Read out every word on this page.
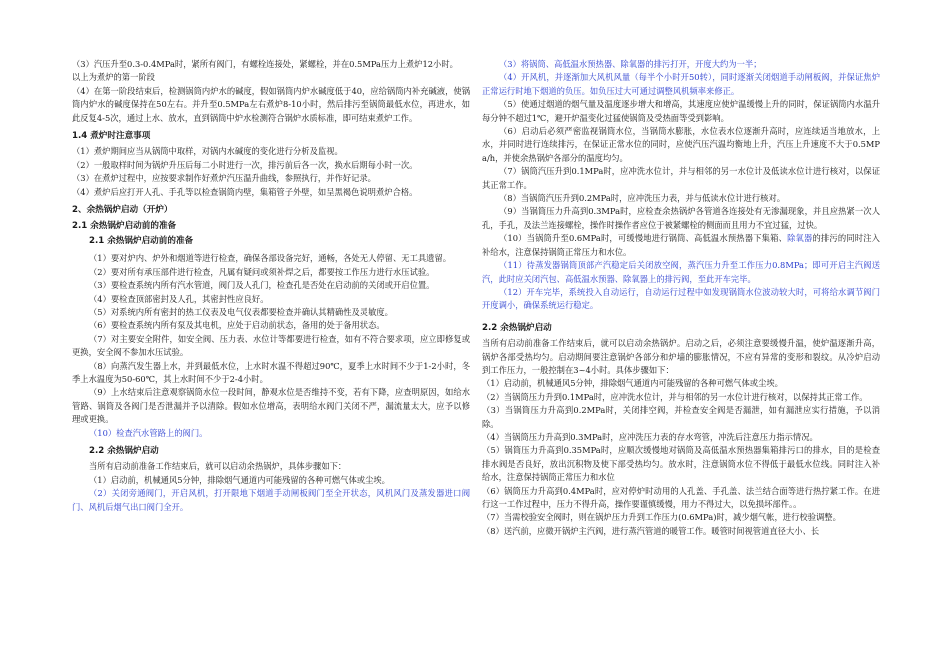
（3）汽压升至0.3-0.4MPa时，紧所有阀门，有螺栓连接处，紧螺栓，并在0.5MPa压力上煮炉12小时。

以上为煮炉的第一阶段

（4）在第一阶段结束后，检测锅筒内炉水的碱度，假如锅筒内炉水碱度低于40，应给锅筒内补充碱液，使锅筒内炉水的碱度保持在50左右。并升至0.5MPa左右煮炉8-10小时，然后排污至锅筒最低水位，再进水，如此反复4-5次，通过上水、放水，直到锅筒中炉水检测符合锅炉水质标准，即可结束煮炉工作。

1.4 煮炉时注意事项

（1）煮炉期间应当从锅筒中取样，对锅内水碱度的变化进行分析及监视。

（2）一般取样时间为锅炉升压后每二小时进行一次，排污前后各一次，换水后期每小时一次。

（3）在煮炉过程中，应按要求制作好煮炉汽压温升曲线，参照执行，并作好记录。

（4）煮炉后应打开人孔、手孔等以检查锅筒内壁，集箱管子外壁，如呈黑褐色说明煮炉合格。

2、余热锅炉启动（开炉）
2.1 余热锅炉启动前的准备
2.1 余热锅炉启动前的准备

（1）要对炉内、炉外和烟道等进行检查，确保各部设备完好，通畅，各处无人停留、无工具遗留。

（2）要对所有承压部件进行检查，凡属有疑问或须补焊之后，都要按工作压力进行水压试验。

（3）要检查系统内所有汽水管道，阀门及人孔门，检查孔是否处在启动前的关闭或开启位置。

（4）要检查顶部密封及人孔，其密封性应良好。

（5）对系统内所有密封的热工仪表及电气仪表都要检查并确认其精确性及灵敏度。

（6）要检查系统内所有泵及其电机，应处于启动前状态，备用的处于备用状态。

（7）对主要安全附件，如安全阀、压力表、水位计等都要进行检查，如有不符合要求项，应立即修复或更换，安全阀不参加水压试验。

（8）向蒸汽发生器上水，并到最低水位，上水时水温不得超过90℃，夏季上水时间不少于1-2小时，冬季上水温度为50-60℃，其上水时间不少于2-4小时。

（9）上水结束后注意观察锅筒水位一段时间，静观水位是否维持不变，若有下降，应查明原因，如给水管路、锅筒及各阀门是否泄漏并予以清除。假如水位增高，表明给水阀门关闭不严，漏流量太大，应予以修理或更换。

（10）检查汽水管路上的阀门。

2.2 余热锅炉启动

当所有启动前准备工作结束后，就可以启动余热锅炉，具体步骤如下：

（1）启动前，机械通风5分钟，排除烟气通道内可能残留的各种可燃气体或尘埃。

（2）关闭旁通阀门，开启风机，打开限地下烟道手动闸板阀门至全开状态，风机风门及蒸发器进口阀门、风机后烟气出口阀门全开。

（3）将锅筒、高低温水预热器、除氧器的排污打开，开度大约为一半；

（4）开风机，并逐渐加大风机风量（每半个小时开50转），同时逐渐关闭烟道手动闸板阀，并保证焦炉正常运行时地下烟道的负压。如负压过大可通过调整风机频率来修正。

（5）使通过烟道的烟气量及温度逐步增大和增高，其速度应使炉温缓慢上升的同时，保证锅筒内水温升每分钟不超过1℃，避开炉温变化过猛使锅筒及受热面等受到影响。

（6）启动后必须严密监视锅筒水位，当锅筒水膨胀，水位表水位逐渐升高时，应连续适当地放水，上水，并同时进行连续排污，在保证正常水位的同时，应使汽压汽温均衡地上升，汽压上升速度不大于0.5MPa/h，并使余热锅炉各部分的温度均匀。

（7）锅筒汽压升到0.1MPa时，应冲洗水位计，并与相邻的另一水位计及低读水位计进行核对，以保证其正常工作。

（8）当锅筒汽压升到0.2MPa时，应冲洗压力表，并与低读水位计进行核对。

（9）当锅筒压力升高到0.3MPa时，应检查余热锅炉各管道各连接处有无渗漏现象，并且应热紧一次人孔，手孔，及法兰连接螺栓，操作时操作者应位于被紧螺栓的侧面而且用力不宜过猛，过快。

（10）当锅筒升至0.6MPa时，可缓慢地进行锅筒、高低温水预热器下集箱、除氧器的排污的同时注入补给水，注意保持锅筒正常压力和水位。

（11）待蒸发器锅筒顶部产汽稳定后关闭放空阀，蒸汽压力升至工作压力0.8MPa；即可开启主汽阀送汽，此时应关闭汽包、高低温水预器、除氧器上的排污阀，至此开车完毕。

（12）开车完毕，系统投入自动运行，自动运行过程中如发现锅筒水位波动较大时，可将给水调节阀门开度调小，确保系统运行稳定。

2.2 余热锅炉启动

当所有启动前准备工作结束后，就可以启动余热锅炉。启动之后，必须注意要缓慢升温，使炉温逐渐升高，锅炉各部受热均匀。启动期间要注意锅炉各部分和炉墙的膨胀情况，不应有异常的变形和裂纹。从冷炉启动到工作压力，一般控制在3~4小时。具体步骤如下：

（1）启动前，机械通风5分钟，排除烟气通道内可能残留的各种可燃气体或尘埃。

（2）当锅筒压力升到0.1MPa时，应冲洗水位计，并与相邻的另一水位计进行核对，以保持其正常工作。

（3）当锅筒压力升高到0.2MPa时，关闭排空阀，并检查安全阀是否漏泄，如有漏泄应实行措施，予以消除。

（4）当锅筒压力升高到0.3MPa时，应冲洗压力表的存水弯管，冲洗后注意压力指示情况。

（5）锅筒压力升高到0.35MPa时，应顺次缓慢地对锅筒及高低温水预热器集箱排污口的排水，目的是检查排水阀是否良好，放出沉积物及使下部受热均匀。放水时，注意锅筒水位不得低于最低水位线。同时注入补给水，注意保持锅筒正常压力和水位

（6）锅筒压力升高到0.4MPa时，应对停炉时动用的人孔盖、手孔盖、法兰结合面等进行热拧紧工作。在进行这一工作过程中，压力不得升高，操作要谨慎缓慢，用力不得过大，以免损坏部件。。

（7）当需校验安全阀时，则在锅炉压力升到工作压力(0.6MPa)时，减少烟气帐，进行校验调整。

（8）送汽前，应微开锅炉主汽阀，进行蒸汽管道的暖管工作。暖管时间视管道直径大小、长
